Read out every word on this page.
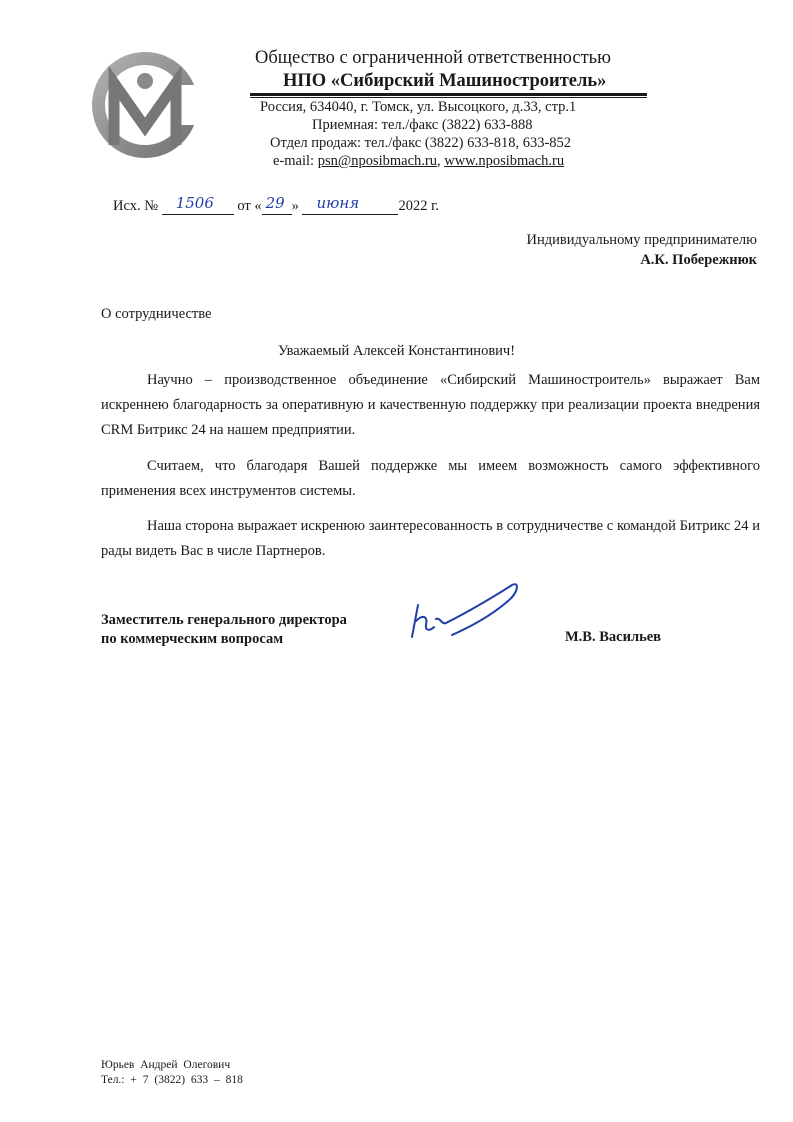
Общество с ограниченной ответственностью
НПО «Сибирский Машиностроитель»
Россия, 634040, г. Томск, ул. Высоцкого, д.33, стр.1
Приемная: тел./факс (3822) 633-888
Отдел продаж: тел./факс (3822) 633-818, 633-852
e-mail: psn@nposibmach.ru, www.nposibmach.ru
Исх. № 1506 от « 29 » июня	2022 г.
Индивидуальному предпринимателю
А.К. Побережнюк
О сотрудничестве
Уважаемый Алексей Константинович!
Научно – производственное объединение «Сибирский Машиностроитель» выражает Вам искреннею благодарность за оперативную и качественную поддержку при реализации проекта внедрения CRM Битрикс 24 на нашем предприятии.
Считаем, что благодаря Вашей поддержке мы имеем возможность самого эффективного применения всех инструментов системы.
Наша сторона выражает искренюю заинтересованность в сотрудничестве с командой Битрикс 24 и рады видеть Вас в числе Партнеров.
Заместитель генерального директора
по коммерческим вопросам	М.В. Васильев
Юрьев Андрей Олегович
Тел.: + 7 (3822) 633 – 818
